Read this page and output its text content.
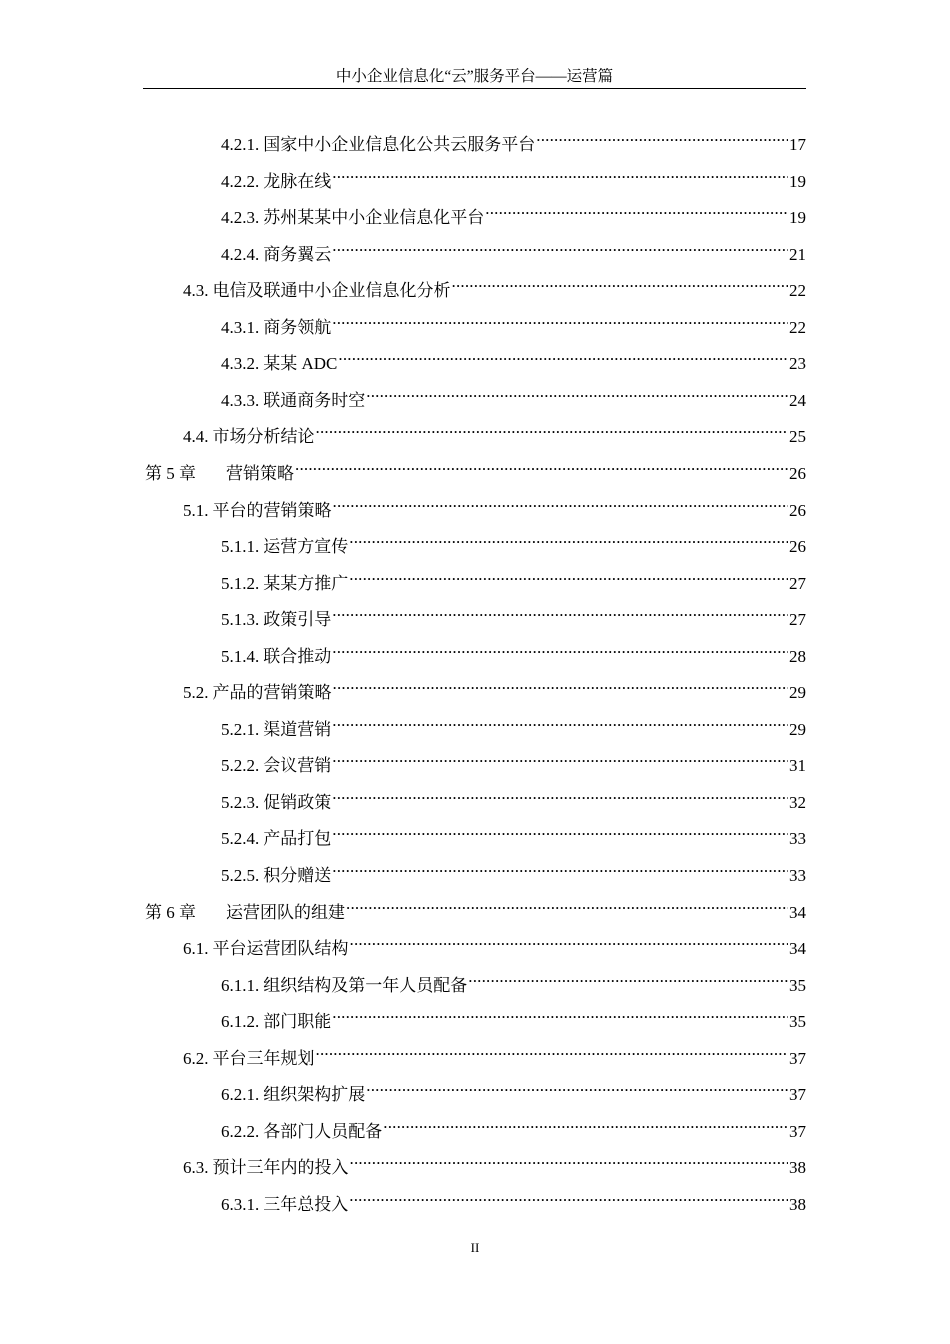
中小企业信息化“云”服务平台——运营篇
4.2.1. 国家中小企业信息化公共云服务平台 .....	17
4.2.2. 龙脉在线 .....	19
4.2.3. 苏州某某中小企业信息化平台 .....	19
4.2.4. 商务翼云 .....	21
4.3. 电信及联通中小企业信息化分析 .....	22
4.3.1. 商务领航 .....	22
4.3.2. 某某 ADC .....	23
4.3.3. 联通商务时空 .....	24
4.4. 市场分析结论 .....	25
第 5 章 营销策略 .....	26
5.1. 平台的营销策略 .....	26
5.1.1. 运营方宣传 .....	26
5.1.2. 某某方推广 .....	27
5.1.3. 政策引导 .....	27
5.1.4. 联合推动 .....	28
5.2. 产品的营销策略 .....	29
5.2.1. 渠道营销 .....	29
5.2.2. 会议营销 .....	31
5.2.3. 促销政策 .....	32
5.2.4. 产品打包 .....	33
5.2.5. 积分赠送 .....	33
第 6 章 运营团队的组建 .....	34
6.1. 平台运营团队结构 .....	34
6.1.1. 组织结构及第一年人员配备 .....	35
6.1.2. 部门职能 .....	35
6.2. 平台三年规划 .....	37
6.2.1. 组织架构扩展 .....	37
6.2.2. 各部门人员配备 .....	37
6.3. 预计三年内的投入 .....	38
6.3.1. 三年总投入 .....	38
II
